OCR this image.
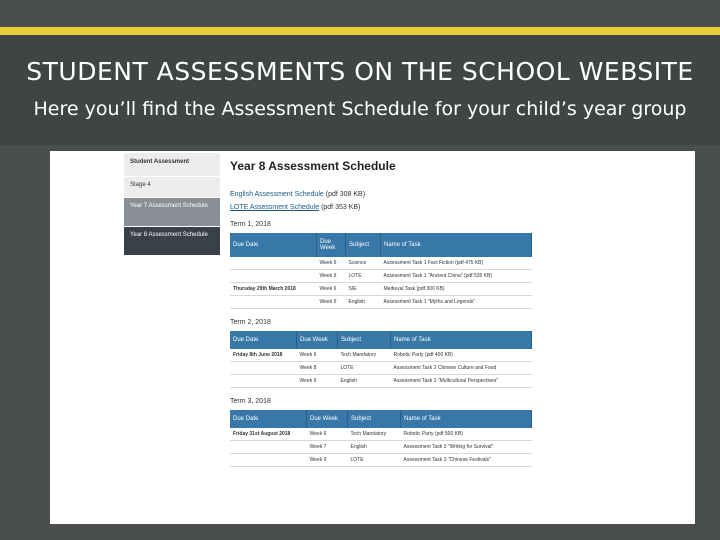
STUDENT ASSESSMENTS ON THE SCHOOL WEBSITE
Here you’ll find the Assessment Schedule for your child’s year group
Student Assessment
Stage 4
Year 7 Assessment Schedule
Year 8 Assessment Schedule
Year 8 Assessment Schedule
English Assessment Schedule (pdf 308 KB)
LOTE Assessment Schedule (pdf 353 KB)
Term 1, 2018
Due Date	Due Week	Subject	Name of Task
	Week 6	Science	Assessment Task 1 Fact Fiction (pdf 475 KB)
	Week 9	LOTE	Assessment Task 1 "Ancient China" (pdf 535 KB)
Thursday 29th March 2018	Week 9	SIE	Medieval Task (pdf 300 KB)
	Week 9	English	Assessment Task 1 "Myths and Legends"
Term 2, 2018
Due Date	Due Week	Subject	Name of Task
Friday 8th June 2018	Week 6	Tech Mandatory	Robotic Party (pdf 400 KB)
	Week 8	LOTE	Assessment Task 2 Chinese Culture and Food
	Week 9	English	Assessment Task 2 "Multicultural Perspectives"
Term 3, 2018
Due Date	Due Week	Subject	Name of Task
Friday 31st August 2018	Week 6	Tech Mandatory	Robotic Party (pdf 500 KB)
	Week 7	English	Assessment Task 3 "Writing for Survival"
	Week 9	LOTE	Assessment Task 3 "Chinese Festivals"
